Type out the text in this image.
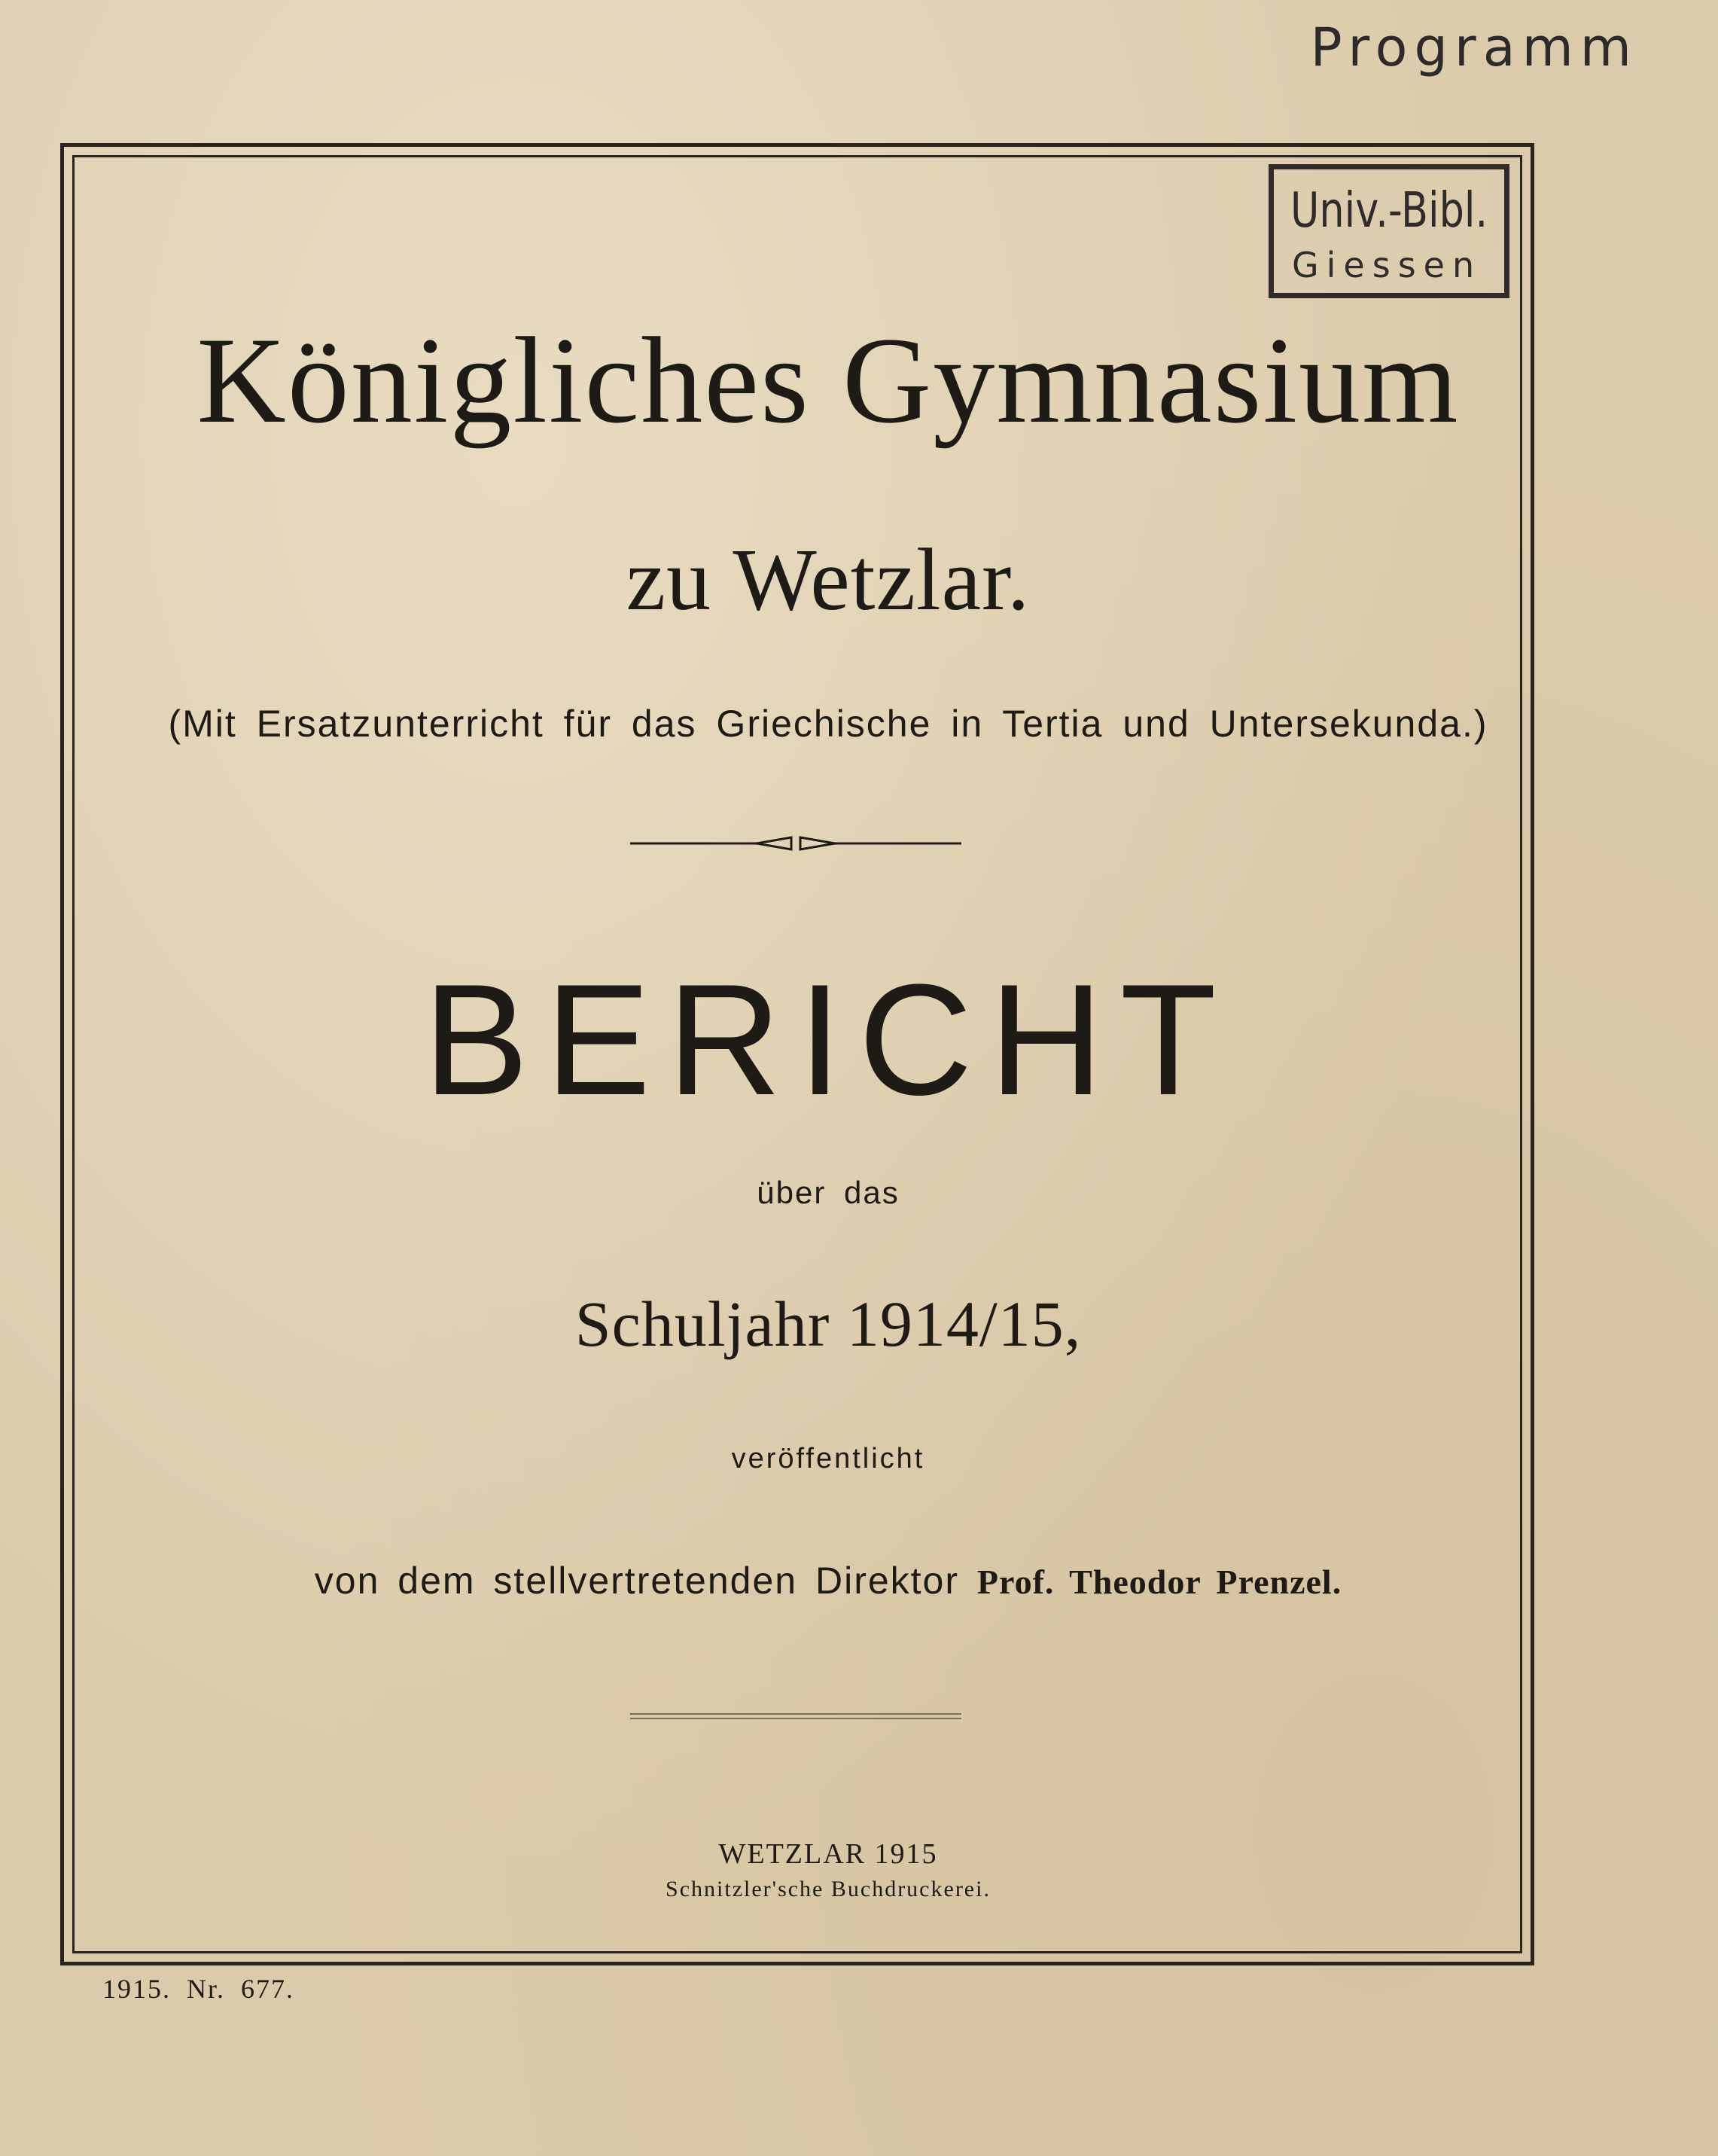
Programm
Univ.-Bibl.
Giessen
Königliches Gymnasium
zu Wetzlar.
(Mit Ersatzunterricht für das Griechische in Tertia und Untersekunda.)
BERICHT
über das
Schuljahr 1914/15,
veröffentlicht
von dem stellvertretenden Direktor Prof. Theodor Prenzel.
WETZLAR 1915
Schnitzler'sche Buchdruckerei.
1915. Nr. 677.
